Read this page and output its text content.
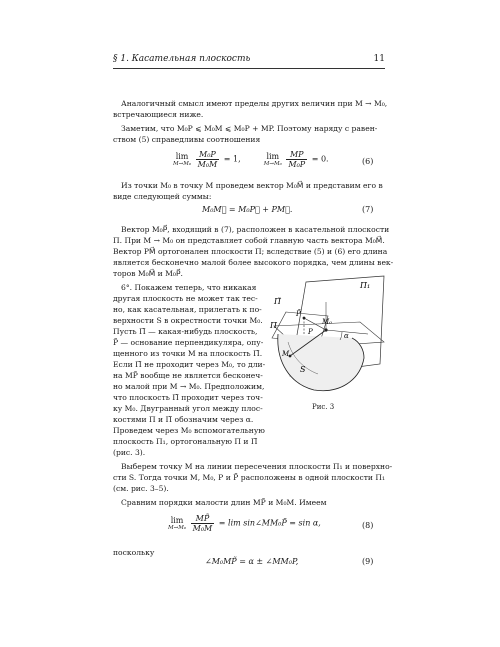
§ 1. Касательная плоскость	11
Аналогичный смысл имеют пределы других величин при M → M₀,
встречающиеся ниже.
Заметим, что M₀P ⩽ M₀M ⩽ M₀P + MP. Поэтому наряду с равен-
ством (5) справедливы соотношения
lim
M→M₀
$\frac{\text{M₀P}}{\text{M₀M}} = 1$,	lim
M→M₀
$\frac{MP}{\text{M₀P}} = 0$.	(6)
Из точки M₀ в точку M проведем вектор M₀M⃗ и представим его в
виде следующей суммы:
M₀M⃗ = M₀P⃗ + PM⃗.	(7)
Вектор M₀P⃗, входящий в (7), расположен в касательной плоскости
Π. При M → M₀ он представляет собой главную часть вектора M₀M⃗.
Вектор PM⃗ ортогонален плоскости Π; вследствие (5) и (6) его длина
является бесконечно малой более высокого порядка, чем длины век-
торов M₀M⃗ и M₀P⃗.
6°. Покажем теперь, что никакая
другая плоскость не может так тес-
но, как касательная, прилегать к по-
верхности S в окрестности точки M₀.
Пусть Π̃ — какая-нибудь плоскость,
P̃ — основание перпендикуляра, опу-
щенного из точки M на плоскость Π̃.
Если Π̃ не проходит через M₀, то дли-
на MP̃ вообще не является бесконеч-
но малой при M → M₀. Предположим,
что плоскость Π̃ проходит через точ-
ку M₀. Двугранный угол между плос-
костями Π и Π̃ обозначим через α.
Проведем через M₀ вспомогательную
плоскость Π₁, ортогональную Π и Π̃
(рис. 3).
Π₁
Π̃
Π	M₀
P
P̃
M
α
S
Рис. 3
Выберем точку M на линии пересечения плоскости Π₁ и поверхно-
сти S. Тогда точки M, M₀, P и P̃ расположены в одной плоскости Π₁
(см. рис. 3–5).
Сравним порядки малости длин MP̃ и M₀M. Имеем
lim
M→M₀
$\frac{MP̃}{\text{M₀M}} = \lim$ sin∠MM₀P̃ = sin α,	(8)
поскольку
∠M₀MP̃ = α ± ∠MM₀P,	(9)
